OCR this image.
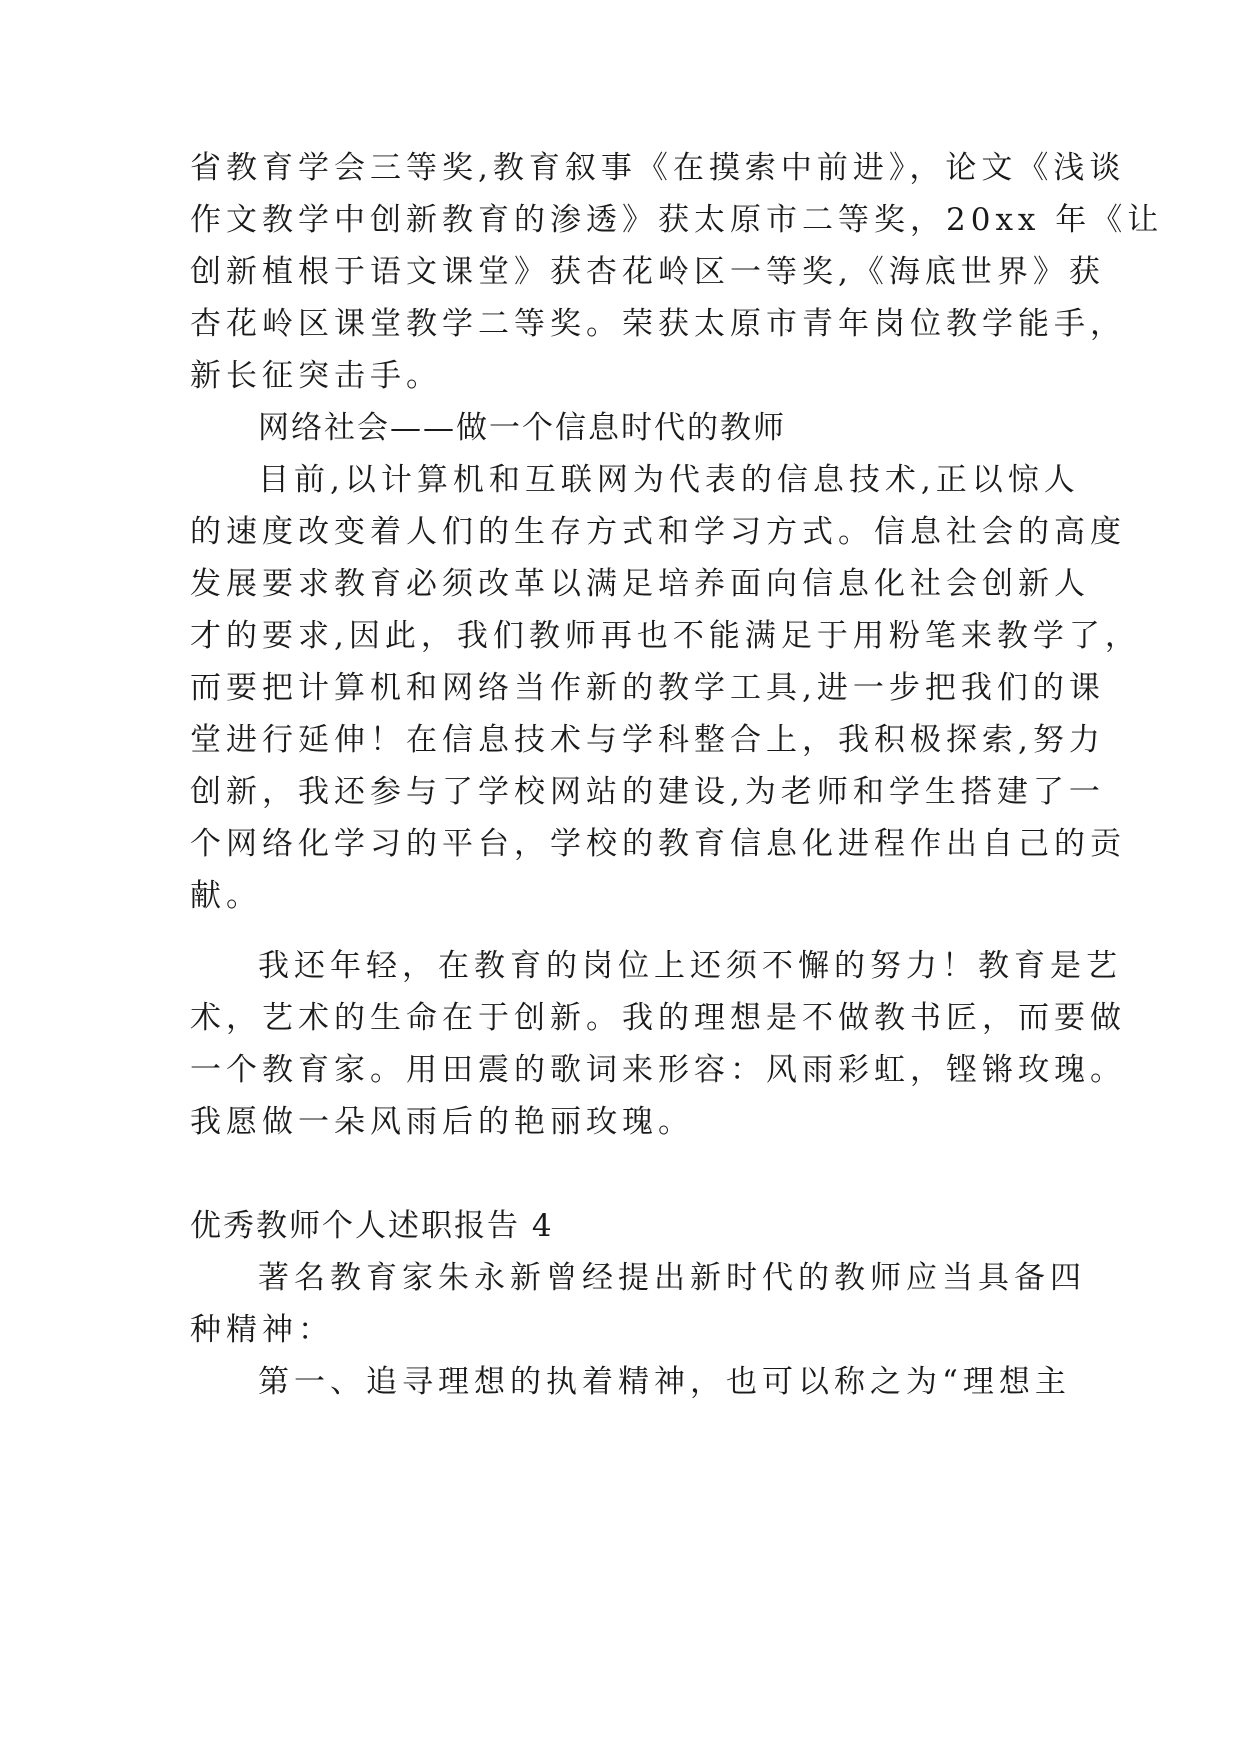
省教育学会三等奖,教育叙事《在摸索中前进》，论文《浅谈
作文教学中创新教育的渗透》获太原市二等奖，20xx 年《让
创新植根于语文课堂》获杏花岭区一等奖,《海底世界》获
杏花岭区课堂教学二等奖。荣获太原市青年岗位教学能手，
新长征突击手。
网络社会——做一个信息时代的教师
目前,以计算机和互联网为代表的信息技术,正以惊人
的速度改变着人们的生存方式和学习方式。信息社会的高度
发展要求教育必须改革以满足培养面向信息化社会创新人
才的要求,因此，我们教师再也不能满足于用粉笔来教学了，
而要把计算机和网络当作新的教学工具,进一步把我们的课
堂进行延伸！在信息技术与学科整合上，我积极探索,努力
创新，我还参与了学校网站的建设,为老师和学生搭建了一
个网络化学习的平台，学校的教育信息化进程作出自己的贡
献。
我还年轻，在教育的岗位上还须不懈的努力！教育是艺
术，艺术的生命在于创新。我的理想是不做教书匠，而要做
一个教育家。用田震的歌词来形容：风雨彩虹，铿锵玫瑰。
我愿做一朵风雨后的艳丽玫瑰。
优秀教师个人述职报告 4
著名教育家朱永新曾经提出新时代的教师应当具备四
种精神：
第一、追寻理想的执着精神，也可以称之为“理想主
